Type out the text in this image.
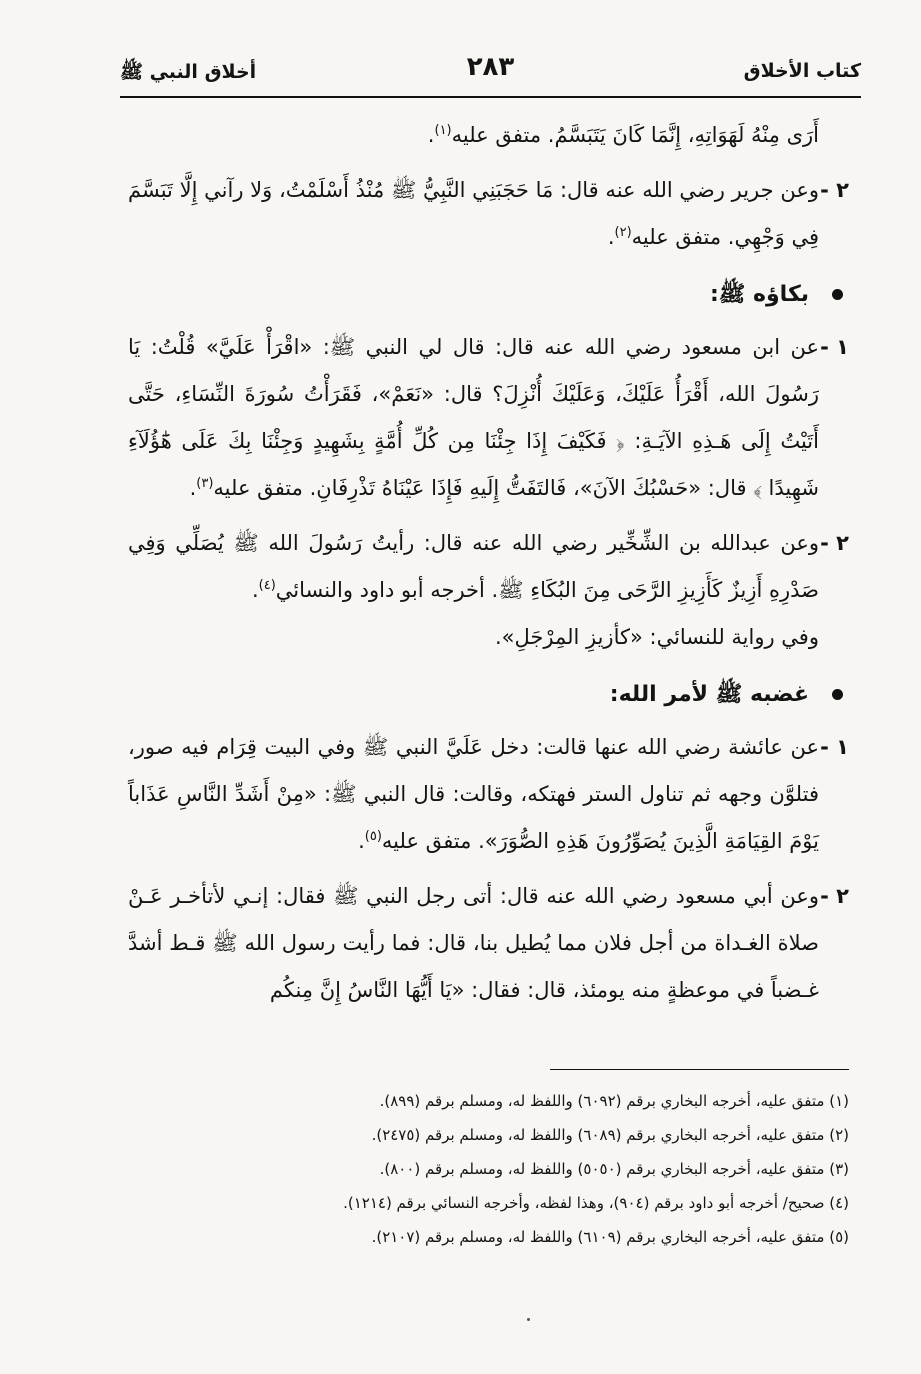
كتاب الأخلاق
٢٨٣
أخلاق النبي ﷺ

أَرَى مِنْهُ لَهَوَاتِهِ، إِنَّمَا كَانَ يَتَبَسَّمُ. متفق عليه$^{(١)}$.

٢ -
وعن جرير رضي الله عنه قال: مَا حَجَبَنِي النَّبِيُّ ﷺ مُنْذُ أَسْلَمْتُ، وَلا رآني إِلَّا تَبَسَّمَ فِي وَجْهِي. متفق عليه$^{(٢)}$.

بكاؤه ﷺ:

١ -
عن ابن مسعود رضي الله عنه قال: قال لي النبي ﷺ: «اقْرَأْ عَلَيَّ» قُلْتُ: يَا رَسُولَ الله، أَقْرَأُ عَلَيْكَ، وَعَلَيْكَ أُنْزِلَ؟ قال: «نَعَمْ»، فَقَرَأْتُ سُورَةَ النِّسَاءِ، حَتَّى أَتَيْتُ إِلَى هَـذِهِ الآيَـةِ: ﴿ فَكَيْفَ إِذَا جِئْنَا مِن كُلِّ أُمَّةٍ بِشَهِيدٍ وَجِئْنَا بِكَ عَلَى هَٰٓؤُلَآءِ شَهِيدًا ﴾ قال: «حَسْبُكَ الآنَ»، فَالتَفَتُّ إِلَيهِ فَإِذَا عَيْنَاهُ تَذْرِفَانِ. متفق عليه$^{(٣)}$.

٢ -
وعن عبدالله بن الشِّخِّير رضي الله عنه قال: رأيتُ رَسُولَ الله ﷺ يُصَلِّي وَفِي صَدْرِهِ أَزِيزٌ كَأَزِيزِ الرَّحَى مِنَ البُكَاءِ ﷺ. أخرجه أبو داود والنسائي$^{(٤)}$.

وفي رواية للنسائي: «كأزيزِ المِرْجَلِ».

غضبه ﷺ لأمر الله:

١ -
عن عائشة رضي الله عنها قالت: دخل عَلَيَّ النبي ﷺ وفي البيت قِرَام فيه صور، فتلوَّن وجهه ثم تناول الستر فهتكه، وقالت: قال النبي ﷺ: «مِنْ أَشَدِّ النَّاسِ عَذَاباً يَوْمَ القِيَامَةِ الَّذِينَ يُصَوِّرُونَ هَذِهِ الصُّوَرَ». متفق عليه$^{(٥)}$.

٢ -
وعن أبي مسعود رضي الله عنه قال: أتى رجل النبي ﷺ فقال: إنـي لأتأخـر عَـنْ صلاة الغـداة من أجل فلان مما يُطيل بنا، قال: فما رأيت رسول الله ﷺ قـط أشدَّ غـضباً في موعظةٍ منه يومئذ، قال: فقال: «يَا أَيُّهَا النَّاسُ إِنَّ مِنكُم

(١) متفق عليه، أخرجه البخاري برقم (٦٠٩٢) واللفظ له، ومسلم برقم (٨٩٩).

(٢) متفق عليه، أخرجه البخاري برقم (٦٠٨٩) واللفظ له، ومسلم برقم (٢٤٧٥).

(٣) متفق عليه، أخرجه البخاري برقم (٥٠٥٠) واللفظ له، ومسلم برقم (٨٠٠).

(٤) صحيح/ أخرجه أبو داود برقم (٩٠٤)، وهذا لفظه، وأخرجه النسائي برقم (١٢١٤).

(٥) متفق عليه، أخرجه البخاري برقم (٦١٠٩) واللفظ له، ومسلم برقم (٢١٠٧).
